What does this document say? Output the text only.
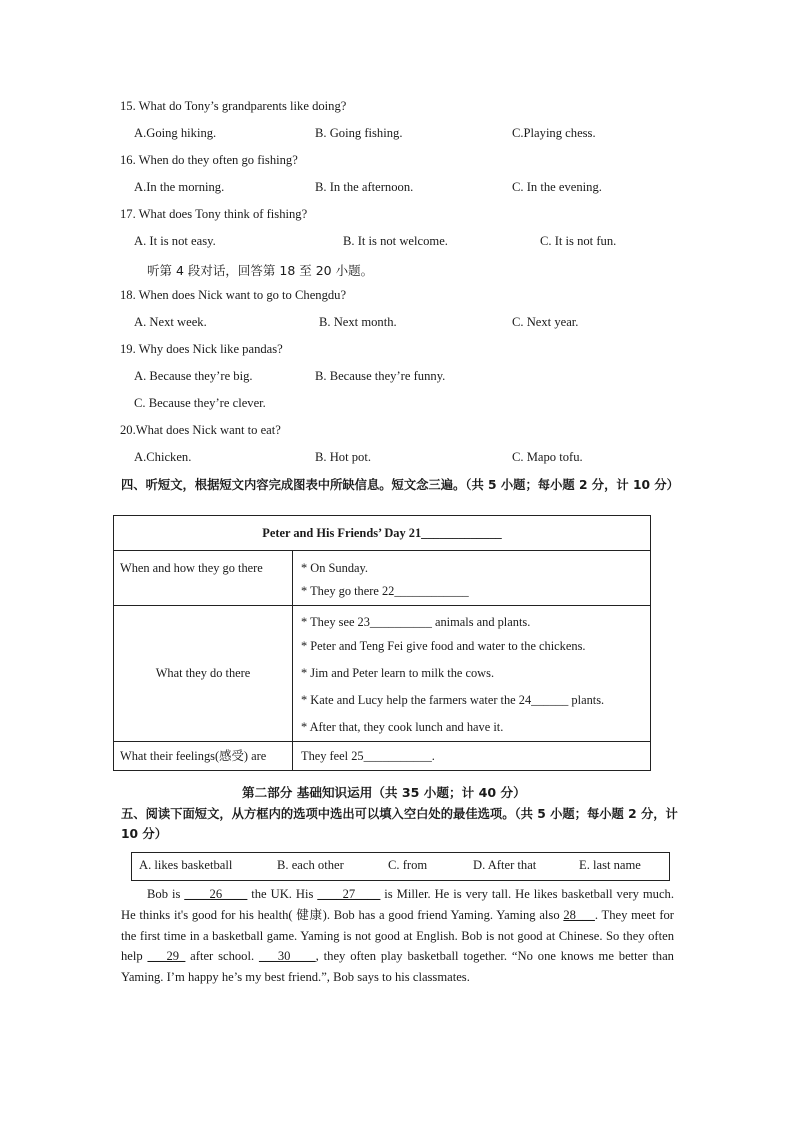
15. What do Tony’s grandparents like doing?
A.Going hiking.	B. Going fishing.	C.Playing chess.
16. When do they often go fishing?
A.In the morning.	B. In the afternoon.	C. In the evening.
17. What does Tony think of fishing?
A. It is not easy.	B. It is not welcome.	C. It is not fun.
听第 4 段对话，回答第 18 至 20 小题。
18. When does Nick want to go to Chengdu?
A. Next week.	B. Next month.	C. Next year.
19. Why does Nick like pandas?
A. Because they’re big.	B. Because they’re funny.
C. Because they’re clever.
20.What does Nick want to eat?
A.Chicken.	B. Hot pot.	C. Mapo tofu.
四、听短文，根据短文内容完成图表中所缺信息。短文念三遍。（共 5 小题；每小题 2 分，计 10 分）
Peter and His Friends’ Day 21_____________	

When and how they go there	* On Sunday.
* They go there 22____________

What they do there	* They see 23__________ animals and plants.
* Peter and Teng Fei give food and water to the chickens.
* Jim and Peter learn to milk the cows.
* Kate and Lucy help the farmers water the 24______ plants.
* After that, they cook lunch and have it.

What their feelings(感受) are	They feel 25___________.
第二部分 基础知识运用（共 35 小题；计 40 分）
五、阅读下面短文，从方框内的选项中选出可以填入空白处的最佳选项。（共 5 小题；每小题 2 分，计 10 分）
A. likes basketball	B. each other	C. from	D. After that	E. last name

Bob is ____26____ the UK. His ____27____ is Miller. He is very tall. He likes basketball very much. He thinks it's good for his health( 健康). Bob has a good friend Yaming. Yaming also 28___. They meet for the first time in a basketball game. Yaming is not good at English. Bob is not good at Chinese. So they often help ___29_ after school. ___30____, they often play basketball together. “No one knows me better than Yaming. I’m happy he’s my best friend.”, Bob says to his classmates.
